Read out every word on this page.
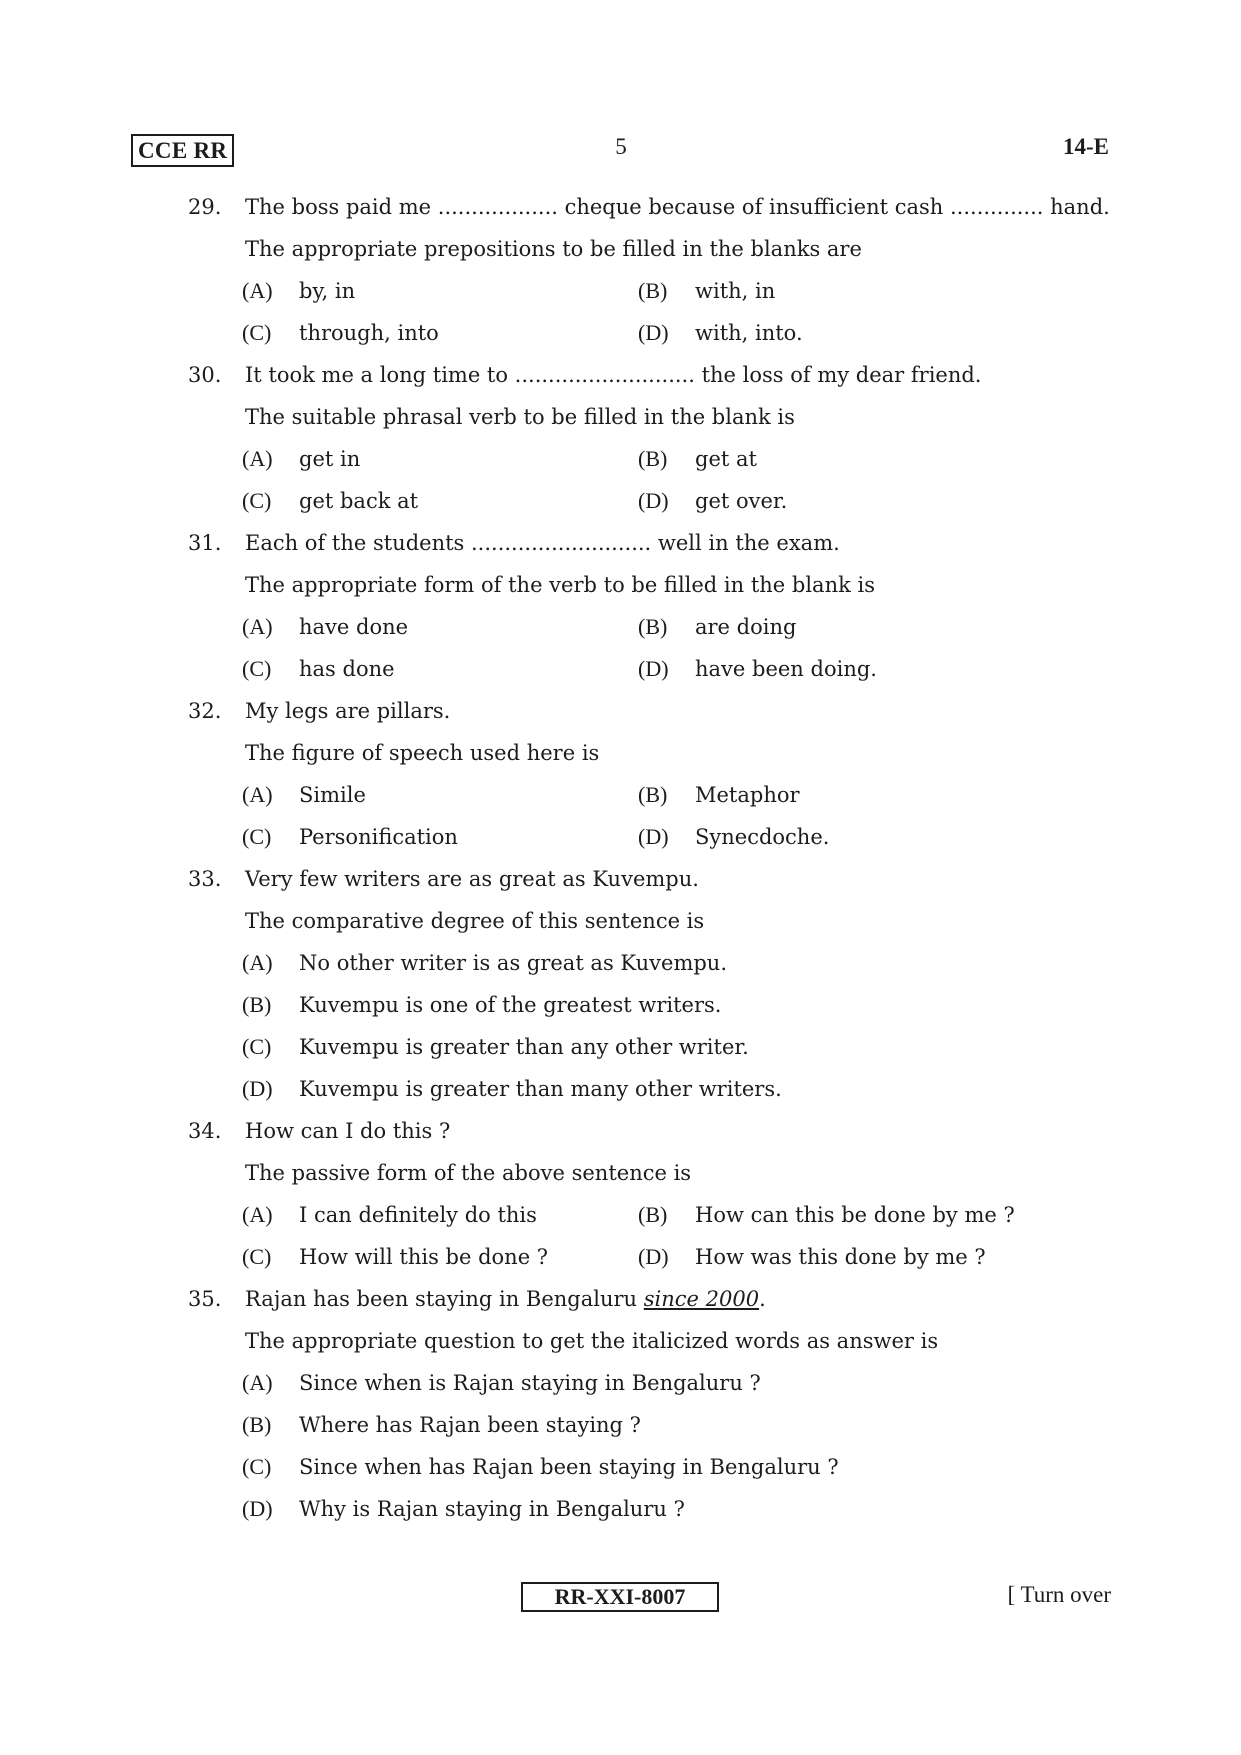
CCE RR	5	14-E
29.	The boss paid me .................. cheque because of insufficient cash .............. hand.
The appropriate prepositions to be filled in the blanks are
(A)	by, in	(B)	with, in
(C)	through, into	(D)	with, into.
30.	It took me a long time to ........................... the loss of my dear friend.
The suitable phrasal verb to be filled in the blank is
(A)	get in	(B)	get at
(C)	get back at	(D)	get over.
31.	Each of the students ........................... well in the exam.
The appropriate form of the verb to be filled in the blank is
(A)	have done	(B)	are doing
(C)	has done	(D)	have been doing.
32.	My legs are pillars.
The figure of speech used here is
(A)	Simile	(B)	Metaphor
(C)	Personification	(D)	Synecdoche.
33.	Very few writers are as great as Kuvempu.
The comparative degree of this sentence is
(A)	No other writer is as great as Kuvempu.
(B)	Kuvempu is one of the greatest writers.
(C)	Kuvempu is greater than any other writer.
(D)	Kuvempu is greater than many other writers.
34.	How can I do this ?
The passive form of the above sentence is
(A)	I can definitely do this	(B)	How can this be done by me ?
(C)	How will this be done ?	(D)	How was this done by me ?
35.	Rajan has been staying in Bengaluru since 2000.
The appropriate question to get the italicized words as answer is
(A)	Since when is Rajan staying in Bengaluru ?
(B)	Where has Rajan been staying ?
(C)	Since when has Rajan been staying in Bengaluru ?
(D)	Why is Rajan staying in Bengaluru ?
RR-XXI-8007	[ Turn over
